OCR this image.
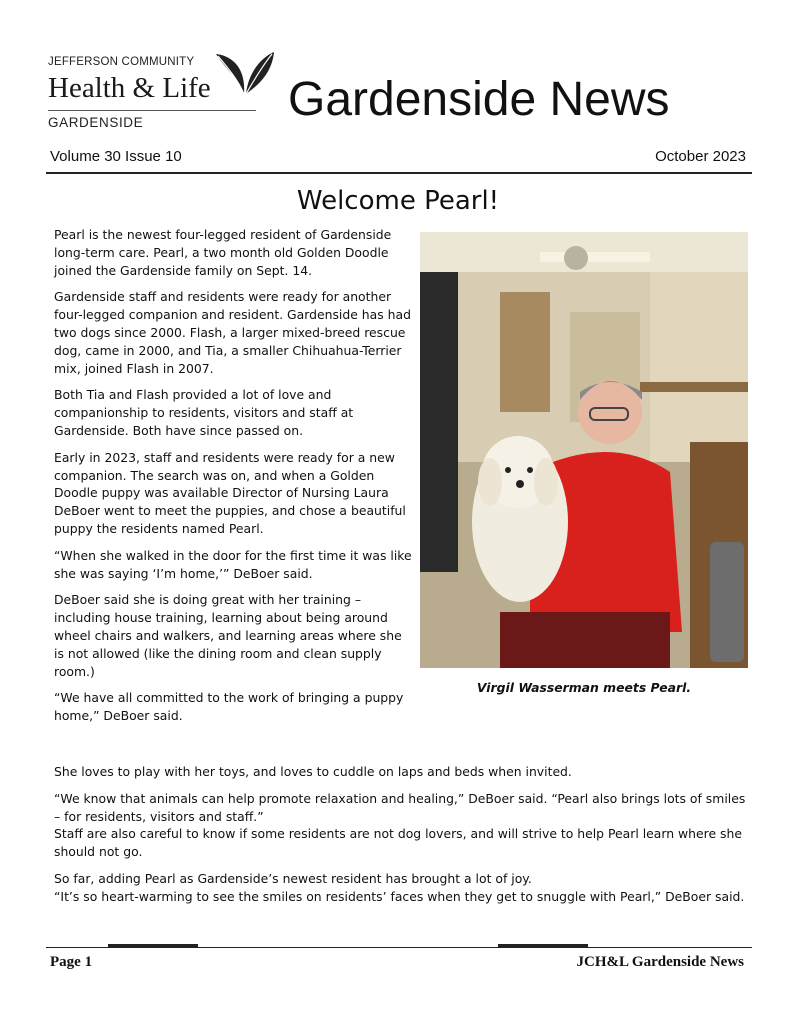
JEFFERSON COMMUNITY
Health & Life
GARDENSIDE	Gardenside News
Volume 30 Issue 10	October 2023
Welcome Pearl!

Pearl is the newest four-legged resident of Gardenside long-term care. Pearl, a two month old Golden Doodle joined the Gardenside family on Sept. 14.

Gardenside staff and residents were ready for another four-legged companion and resident. Gardenside has had two dogs since 2000. Flash, a larger mixed-breed rescue dog, came in 2000, and Tia, a smaller Chihuahua-Terrier mix, joined Flash in 2007.

Both Tia and Flash provided a lot of love and companionship to residents, visitors and staff at Gardenside. Both have since passed on.

Early in 2023, staff and residents were ready for a new companion. The search was on, and when a Golden Doodle puppy was available Director of Nursing Laura DeBoer went to meet the puppies, and chose a beautiful puppy the residents named Pearl.

“When she walked in the door for the first time it was like she was saying ‘I’m home,’” DeBoer said.

DeBoer said she is doing great with her training – including house training, learning about being around wheel chairs and walkers, and learning areas where she is not allowed (like the dining room and clean supply room.)

“We have all committed to the work of bringing a puppy home,” DeBoer said.

Virgil Wasserman meets Pearl.

She loves to play with her toys, and loves to cuddle on laps and beds when invited.

“We know that animals can help promote relaxation and healing,” DeBoer said. “Pearl also brings lots of smiles – for residents, visitors and staff.”

Staff are also careful to know if some residents are not dog lovers, and will strive to help Pearl learn where she should not go.

So far, adding Pearl as Gardenside’s newest resident has brought a lot of joy.

“It’s so heart-warming to see the smiles on residents’ faces when they get to snuggle with Pearl,” DeBoer said.

Page 1	JCH&L Gardenside News
